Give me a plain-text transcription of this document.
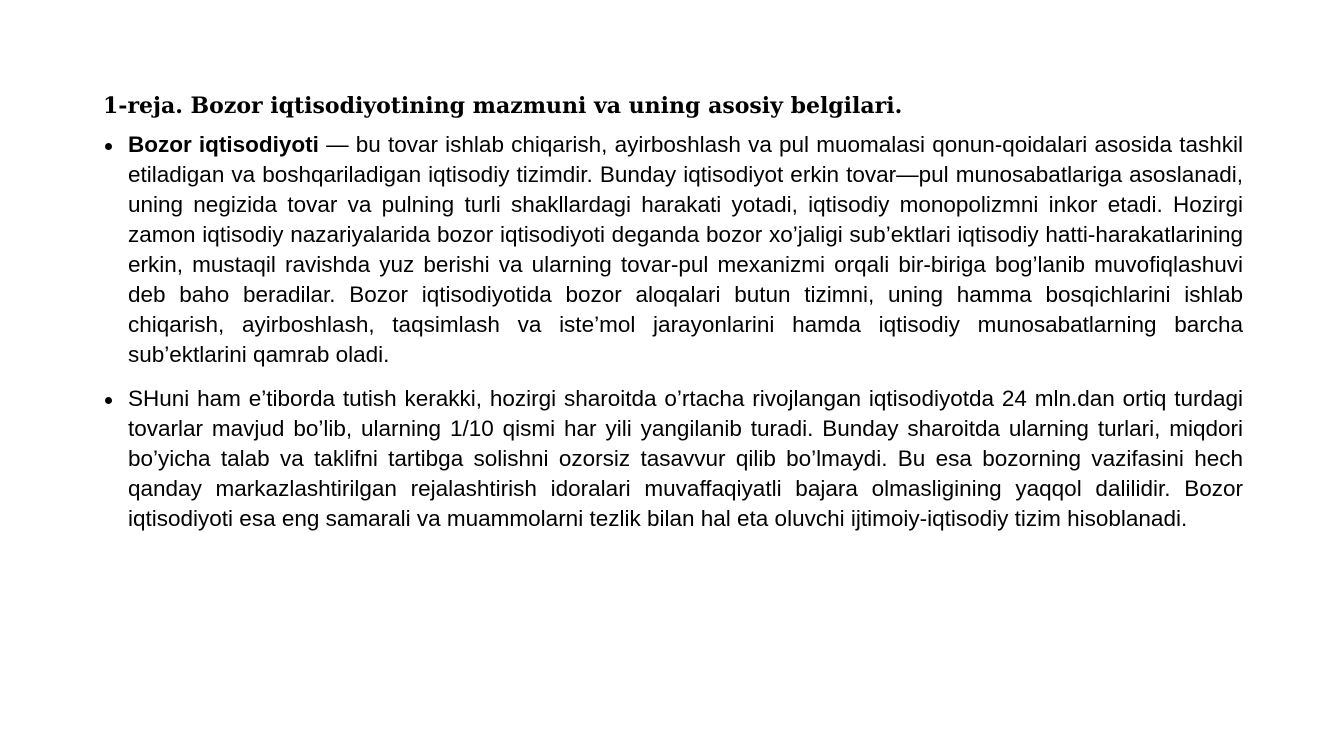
1-reja. Bozor iqtisodiyotining mazmuni va uning asosiy belgilari.
Bozor iqtisodiyoti — bu tovar ishlab chiqarish, ayirboshlash va pul muomalasi qonun-qoidalari asosida tashkil etiladigan va boshqariladigan iqtisodiy tizimdir. Bunday iqtisodiyot erkin tovar—pul munosabatlariga asoslanadi, uning negizida tovar va pulning turli shakllardagi harakati yotadi, iqtisodiy monopolizmni inkor etadi. Hozirgi zamon iqtisodiy nazariyalarida bozor iqtisodiyoti deganda bozor xo’jaligi sub’ektlari iqtisodiy hatti-harakatlarining erkin, mustaqil ravishda yuz berishi va ularning tovar-pul mexanizmi orqali bir-biriga bog’lanib muvofiqlashuvi deb baho beradilar. Bozor iqtisodiyotida bozor aloqalari butun tizimni, uning hamma bosqichlarini ishlab chiqarish, ayirboshlash, taqsimlash va iste’mol jarayonlarini hamda iqtisodiy munosabatlarning barcha sub’ektlarini qamrab oladi.
SHuni ham e’tiborda tutish kerakki, hozirgi sharoitda o’rtacha rivojlangan iqtisodiyotda 24 mln.dan ortiq turdagi tovarlar mavjud bo’lib, ularning 1/10 qismi har yili yangilanib turadi. Bunday sharoitda ularning turlari, miqdori bo’yicha talab va taklifni tartibga solishni ozorsiz tasavvur qilib bo’lmaydi. Bu esa bozorning vazifasini hech qanday markazlashtirilgan rejalashtirish idoralari muvaffaqiyatli bajara olmasligining yaqqol dalilidir. Bozor iqtisodiyoti esa eng samarali va muammolarni tezlik bilan hal eta oluvchi ijtimoiy-iqtisodiy tizim hisoblanadi.
